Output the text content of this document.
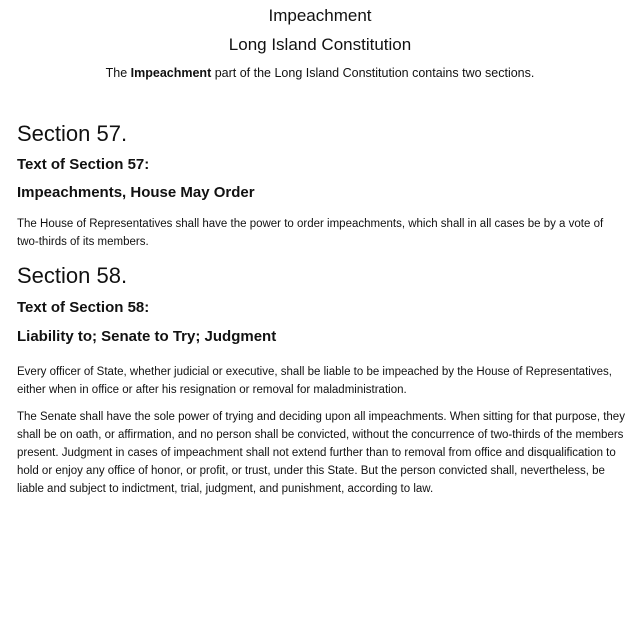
Impeachment
Long Island Constitution

The Impeachment part of the Long Island Constitution contains two sections.

Section 57.
Text of Section 57:
Impeachments, House May Order

The House of Representatives shall have the power to order impeachments, which shall in all cases be by a vote of two-thirds of its members.

Section 58.
Text of Section 58:
Liability to; Senate to Try; Judgment

Every officer of State, whether judicial or executive, shall be liable to be impeached by the House of Representatives, either when in office or after his resignation or removal for maladministration.

The Senate shall have the sole power of trying and deciding upon all impeachments. When sitting for that purpose, they shall be on oath, or affirmation, and no person shall be convicted, without the concurrence of two-thirds of the members present. Judgment in cases of impeachment shall not extend further than to removal from office and disqualification to hold or enjoy any office of honor, or profit, or trust, under this State. But the person convicted shall, nevertheless, be liable and subject to indictment, trial, judgment, and punishment, according to law.
